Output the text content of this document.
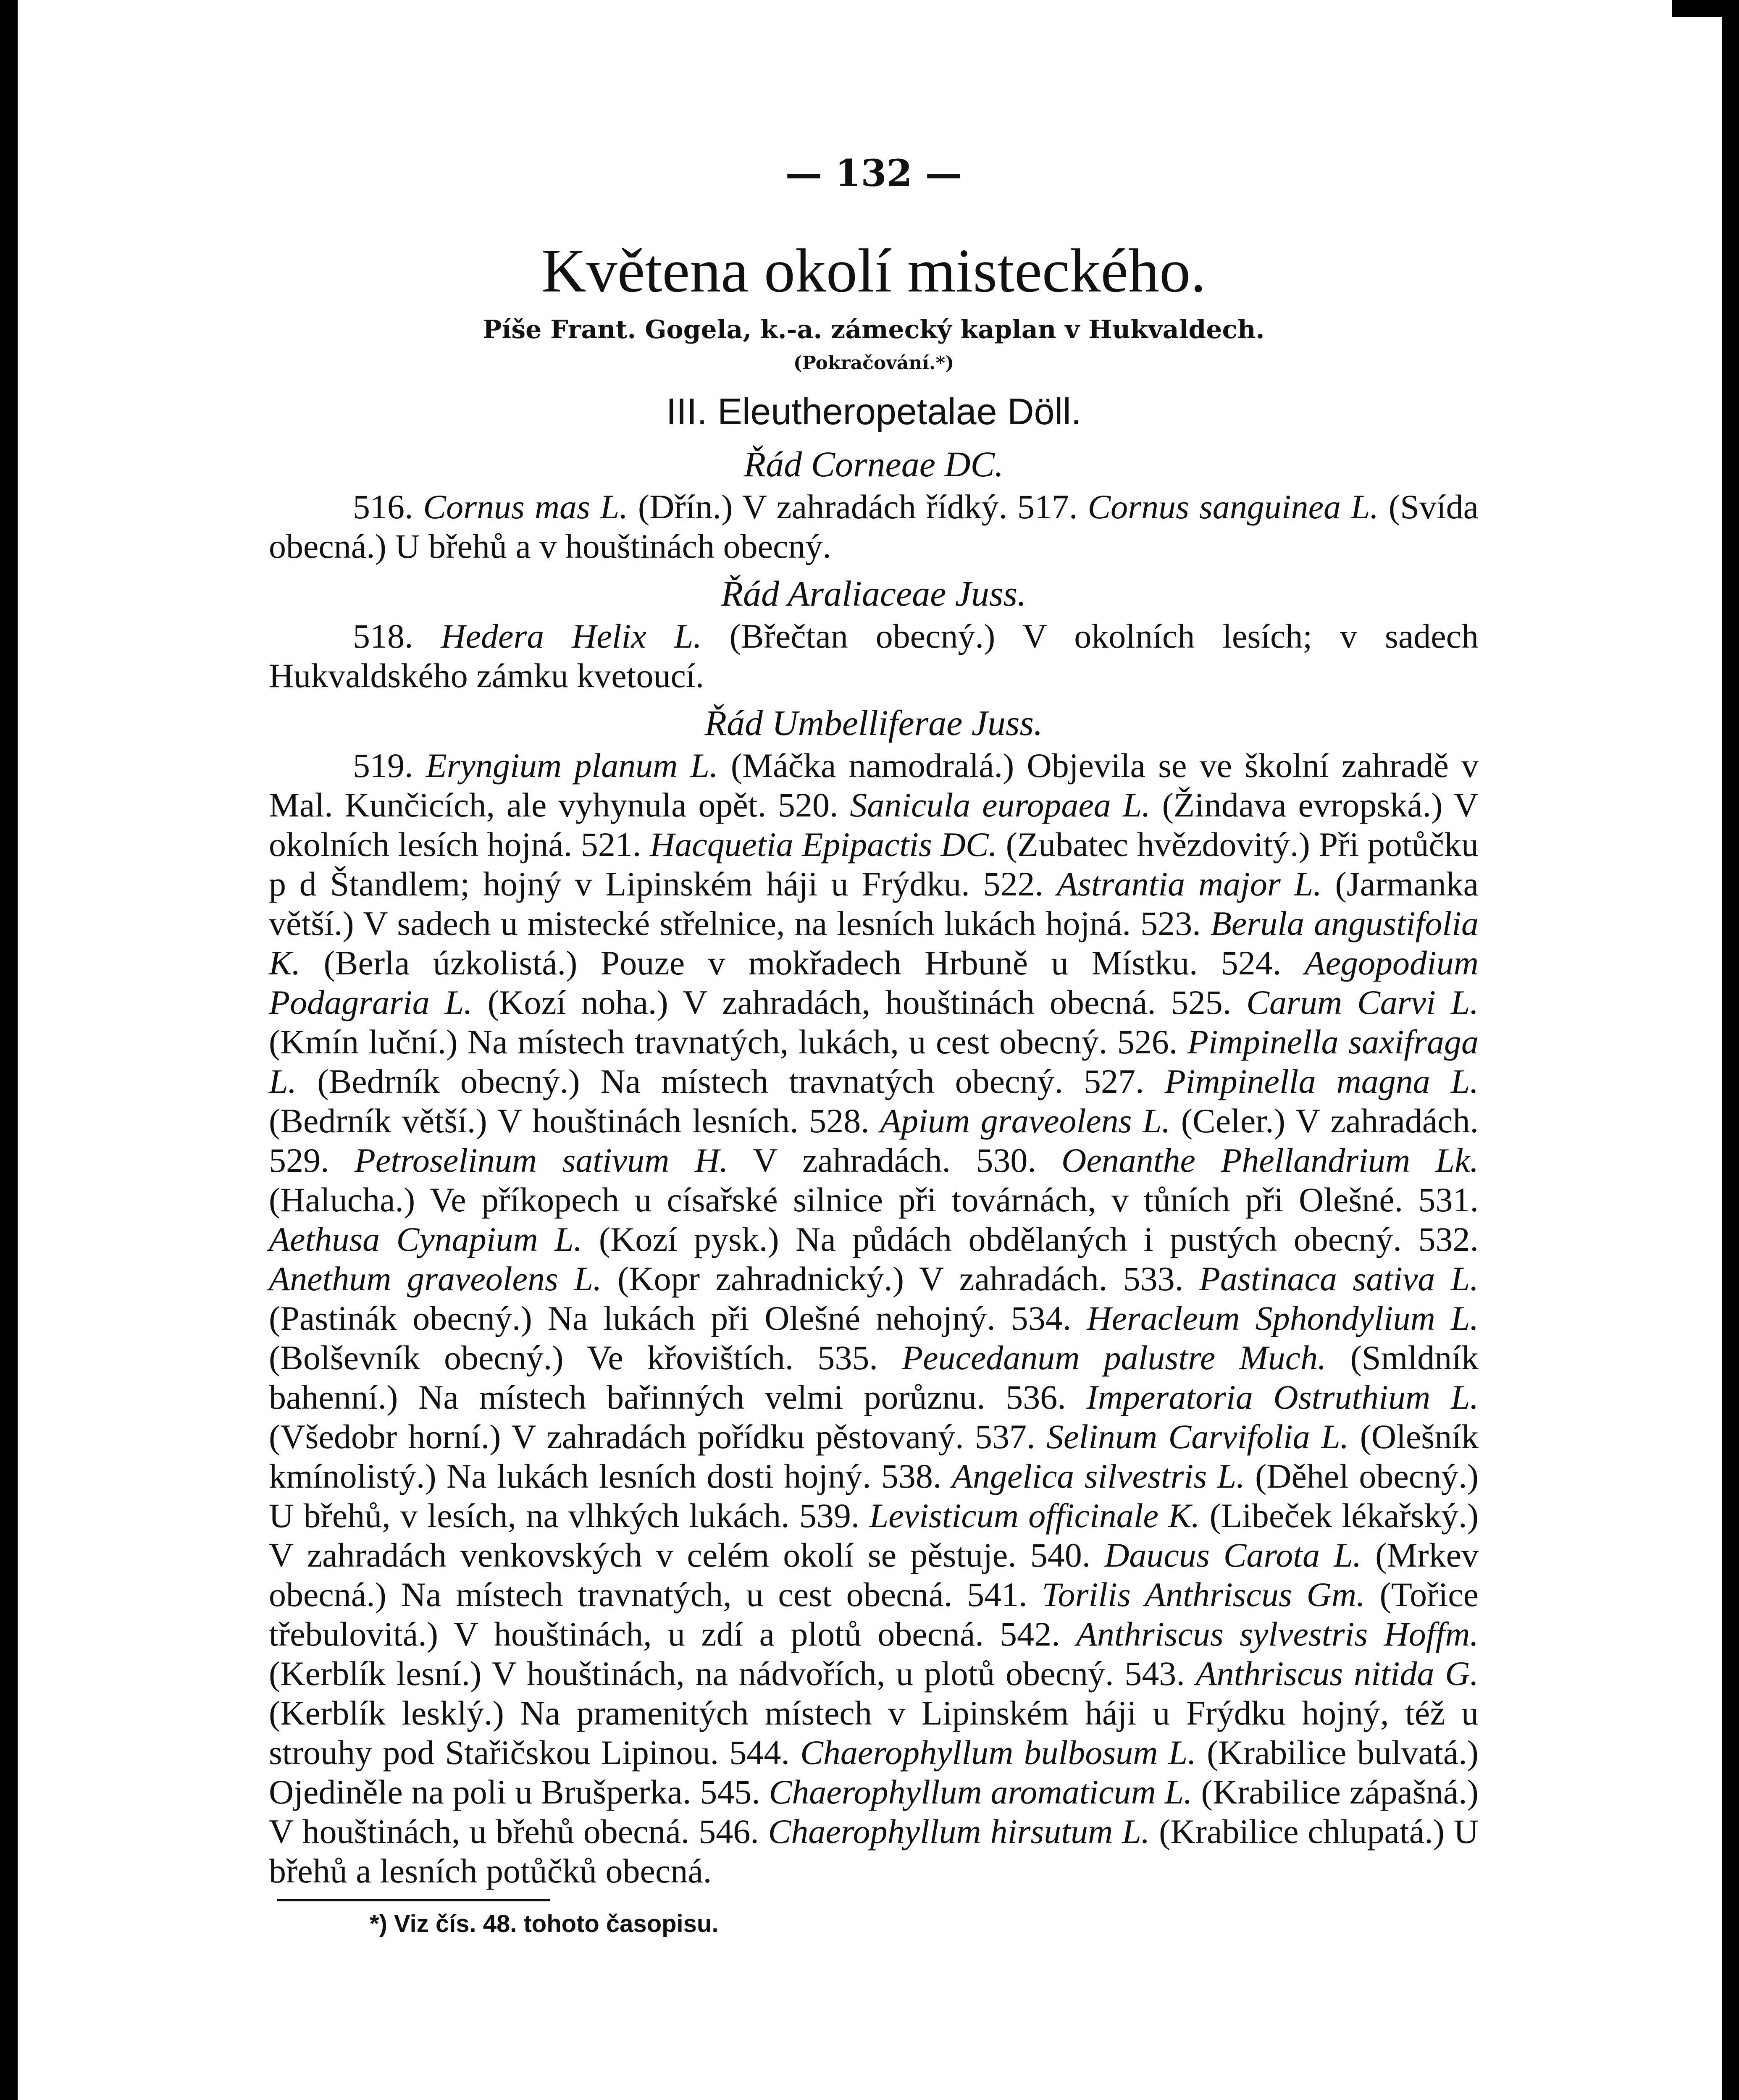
— 132 —
Květena okolí misteckého.
Píše Frant. Gogela, k.-a. zámecký kaplan v Hukvaldech.
(Pokračování.*)
III. Eleutheropetalae Döll.
Řád Corneae DC.

516. Cornus mas L. (Dřín.) V zahradách řídký. 517. Cornus sanguinea L. (Svída obecná.) U břehů a v houštinách obecný.

Řád Araliaceae Juss.

518. Hedera Helix L. (Břečtan obecný.) V okolních lesích; v sadech Hukvaldského zámku kvetoucí.

Řád Umbelliferae Juss.

519. Eryngium planum L. (Máčka namodralá.) Objevila se ve školní zahradě v Mal. Kunčicích, ale vyhynula opět. 520. Sanicula europaea L. (Žindava evropská.) V okolních lesích hojná. 521. Hacquetia Epipactis DC. (Zubatec hvězdovitý.) Při potůčku p d Štandlem; hojný v Lipinském háji u Frýdku. 522. Astrantia major L. (Jarmanka větší.) V sadech u mistecké střelnice, na lesních lukách hojná. 523. Berula angustifolia K. (Berla úzkolistá.) Pouze v mokřadech Hrbuně u Místku. 524. Aegopodium Podagraria L. (Kozí noha.) V zahradách, houštinách obecná. 525. Carum Carvi L. (Kmín luční.) Na místech travnatých, lukách, u cest obecný. 526. Pimpinella saxifraga L. (Bedrník obecný.) Na místech travnatých obecný. 527. Pimpinella magna L. (Bedrník větší.) V houštinách lesních. 528. Apium graveolens L. (Celer.) V zahradách. 529. Petroselinum sativum H. V zahradách. 530. Oenanthe Phellandrium Lk. (Halucha.) Ve příkopech u císařské silnice při továrnách, v tůních při Olešné. 531. Aethusa Cynapium L. (Kozí pysk.) Na půdách obdělaných i pustých obecný. 532. Anethum graveolens L. (Kopr zahradnický.) V zahradách. 533. Pastinaca sativa L. (Pastinák obecný.) Na lukách při Olešné nehojný. 534. Heracleum Sphondylium L. (Bolševník obecný.) Ve křovištích. 535. Peucedanum palustre Much. (Smldník bahenní.) Na místech bařinných velmi porůznu. 536. Imperatoria Ostruthium L. (Všedobr horní.) V zahradách pořídku pěstovaný. 537. Selinum Carvifolia L. (Olešník kmínolistý.) Na lukách lesních dosti hojný. 538. Angelica silvestris L. (Děhel obecný.) U břehů, v lesích, na vlhkých lukách. 539. Levisticum officinale K. (Libeček lékařský.) V zahradách venkovských v celém okolí se pěstuje. 540. Daucus Carota L. (Mrkev obecná.) Na místech travnatých, u cest obecná. 541. Torilis Anthriscus Gm. (Tořice třebulovitá.) V houštinách, u zdí a plotů obecná. 542. Anthriscus sylvestris Hoffm. (Kerblík lesní.) V houštinách, na nádvořích, u plotů obecný. 543. Anthriscus nitida G. (Kerblík lesklý.) Na pramenitých místech v Lipinském háji u Frýdku hojný, též u strouhy pod Stařičskou Lipinou. 544. Chaerophyllum bulbosum L. (Krabilice bulvatá.) Ojediněle na poli u Brušperka. 545. Chaerophyllum aromaticum L. (Krabilice zápašná.) V houštinách, u břehů obecná. 546. Chaerophyllum hirsutum L. (Krabilice chlupatá.) U břehů a lesních potůčků obecná.

*) Viz čís. 48. tohoto časopisu.
